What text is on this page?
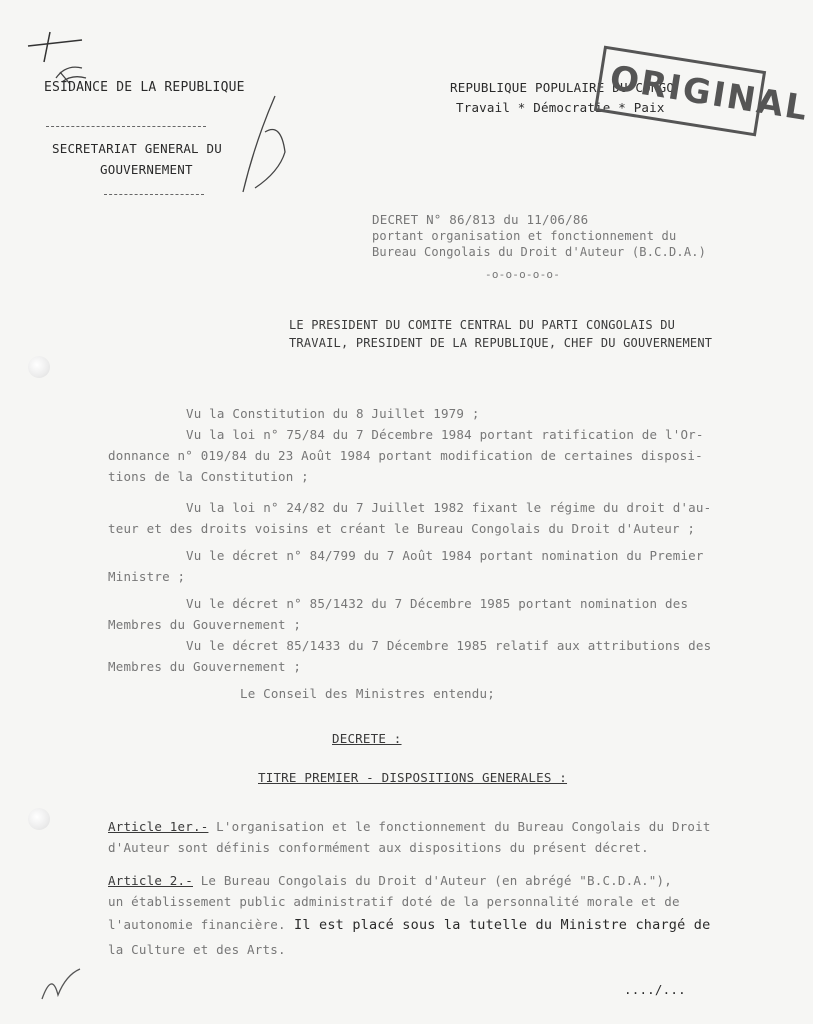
ESIDANCE DE LA REPUBLIQUE
SECRETARIAT GENERAL DU
GOUVERNEMENT
REPUBLIQUE POPULAIRE DU CONGO
Travail * Démocratie * Paix
ORIGINAL
DECRET N° 86/813 du 11/06/86
portant organisation et fonctionnement du
Bureau Congolais du Droit d'Auteur (B.C.D.A.)
-o-o-o-o-o-
LE PRESIDENT DU COMITE CENTRAL DU PARTI CONGOLAIS DU
TRAVAIL, PRESIDENT DE LA REPUBLIQUE, CHEF DU GOUVERNEMENT
Vu la Constitution du 8 Juillet 1979 ;
Vu la loi n° 75/84 du 7 Décembre 1984 portant ratification de l'Or-
donnance n° 019/84 du 23 Août 1984 portant modification de certaines disposi-
tions de la Constitution ;
Vu la loi n° 24/82 du 7 Juillet 1982 fixant le régime du droit d'au-
teur et des droits voisins et créant le Bureau Congolais du Droit d'Auteur ;
Vu le décret n° 84/799 du 7 Août 1984 portant nomination du Premier
Ministre ;
Vu le décret n° 85/1432 du 7 Décembre 1985 portant nomination des
Membres du Gouvernement ;
Vu le décret 85/1433 du 7 Décembre 1985 relatif aux attributions des
Membres du Gouvernement ;
Le Conseil des Ministres entendu;
DECRETE :
TITRE PREMIER - DISPOSITIONS GENERALES :
Article 1er.- L'organisation et le fonctionnement du Bureau Congolais du Droit
d'Auteur sont définis conformément aux dispositions du présent décret.
Article 2.- Le Bureau Congolais du Droit d'Auteur (en abrégé "B.C.D.A."),
un établissement public administratif doté de la personnalité morale et de
l'autonomie financière. Il est placé sous la tutelle du Ministre chargé de
la Culture et des Arts.
..../...
